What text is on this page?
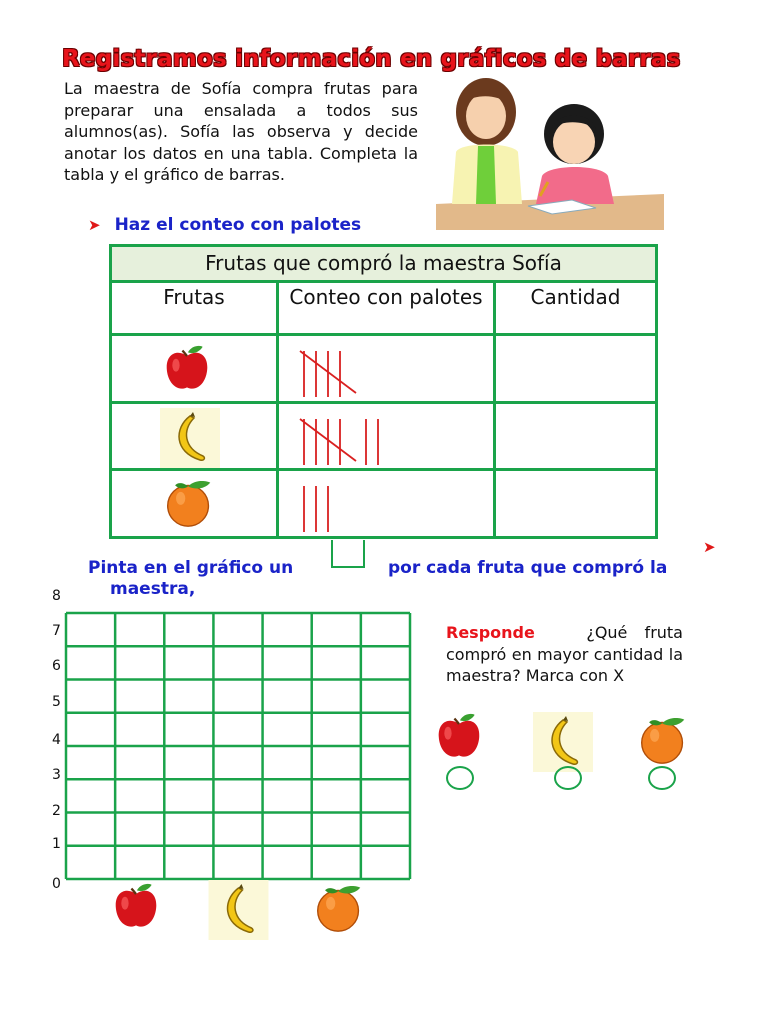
Registramos información en gráficos de barras
La maestra de Sofía compra frutas para preparar una ensalada a todos sus alumnos(as). Sofía las observa y decide anotar los datos en una tabla. Completa la tabla y el gráfico de barras.
➤ Haz el conteo con palotes
Frutas que compró la maestra Sofía
Frutas	Conteo con palotes	Cantidad
➤
Pinta en el gráfico un	por cada fruta que compró la
maestra,
8
7
6
5
4
3
2
1
0
Responde	¿Qué fruta compró en mayor cantidad la maestra? Marca con X
